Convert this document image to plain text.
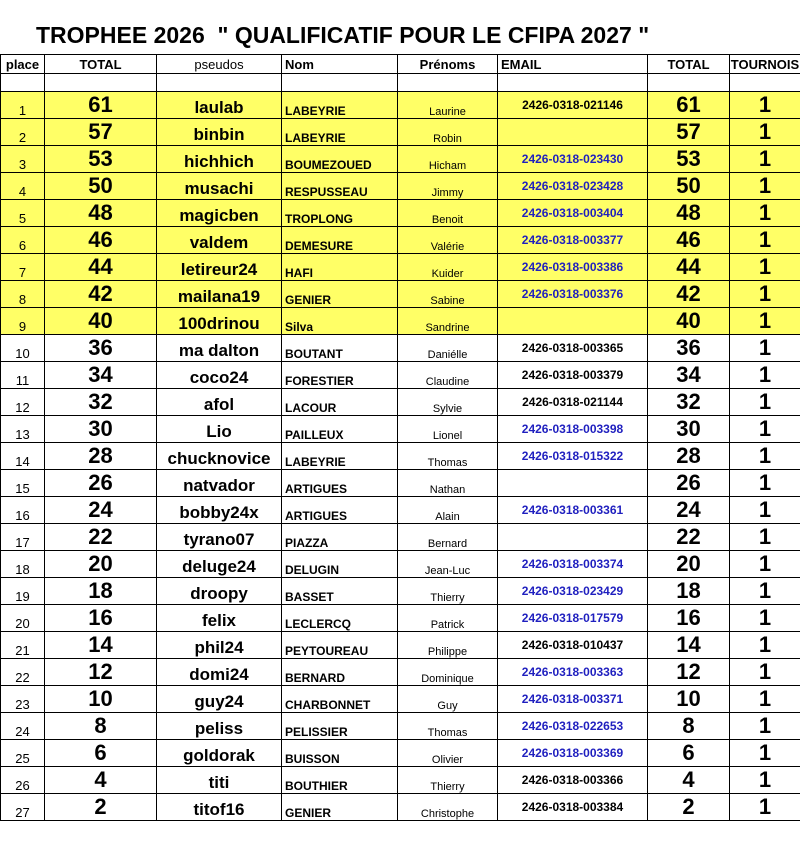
TROPHEE 2026  " QUALIFICATIF POUR LE CFIPA 2027 "
place	TOTAL	pseudos	Nom	Prénoms	EMAIL	TOTAL	TOURNOIS

1	61	laulab	LABEYRIE	Laurine	2426-0318-021146	61	1
2	57	binbin	LABEYRIE	Robin		57	1
3	53	hichhich	BOUMEZOUED	Hicham	2426-0318-023430	53	1
4	50	musachi	RESPUSSEAU	Jimmy	2426-0318-023428	50	1
5	48	magicben	TROPLONG	Benoit	2426-0318-003404	48	1
6	46	valdem	DEMESURE	Valérie	2426-0318-003377	46	1
7	44	letireur24	HAFI	Kuider	2426-0318-003386	44	1
8	42	mailana19	GENIER	Sabine	2426-0318-003376	42	1
9	40	100drinou	Silva	Sandrine		40	1
10	36	ma dalton	BOUTANT	Daniélle	2426-0318-003365	36	1
11	34	coco24	FORESTIER	Claudine	2426-0318-003379	34	1
12	32	afol	LACOUR	Sylvie	2426-0318-021144	32	1
13	30	Lio	PAILLEUX	Lionel	2426-0318-003398	30	1
14	28	chucknovice	LABEYRIE	Thomas	2426-0318-015322	28	1
15	26	natvador	ARTIGUES	Nathan		26	1
16	24	bobby24x	ARTIGUES	Alain	2426-0318-003361	24	1
17	22	tyrano07	PIAZZA	Bernard		22	1
18	20	deluge24	DELUGIN	Jean-Luc	2426-0318-003374	20	1
19	18	droopy	BASSET	Thierry	2426-0318-023429	18	1
20	16	felix	LECLERCQ	Patrick	2426-0318-017579	16	1
21	14	phil24	PEYTOUREAU	Philippe	2426-0318-010437	14	1
22	12	domi24	BERNARD	Dominique	2426-0318-003363	12	1
23	10	guy24	CHARBONNET	Guy	2426-0318-003371	10	1
24	8	peliss	PELISSIER	Thomas	2426-0318-022653	8	1
25	6	goldorak	BUISSON	Olivier	2426-0318-003369	6	1
26	4	titi	BOUTHIER	Thierry	2426-0318-003366	4	1
27	2	titof16	GENIER	Christophe	2426-0318-003384	2	1
